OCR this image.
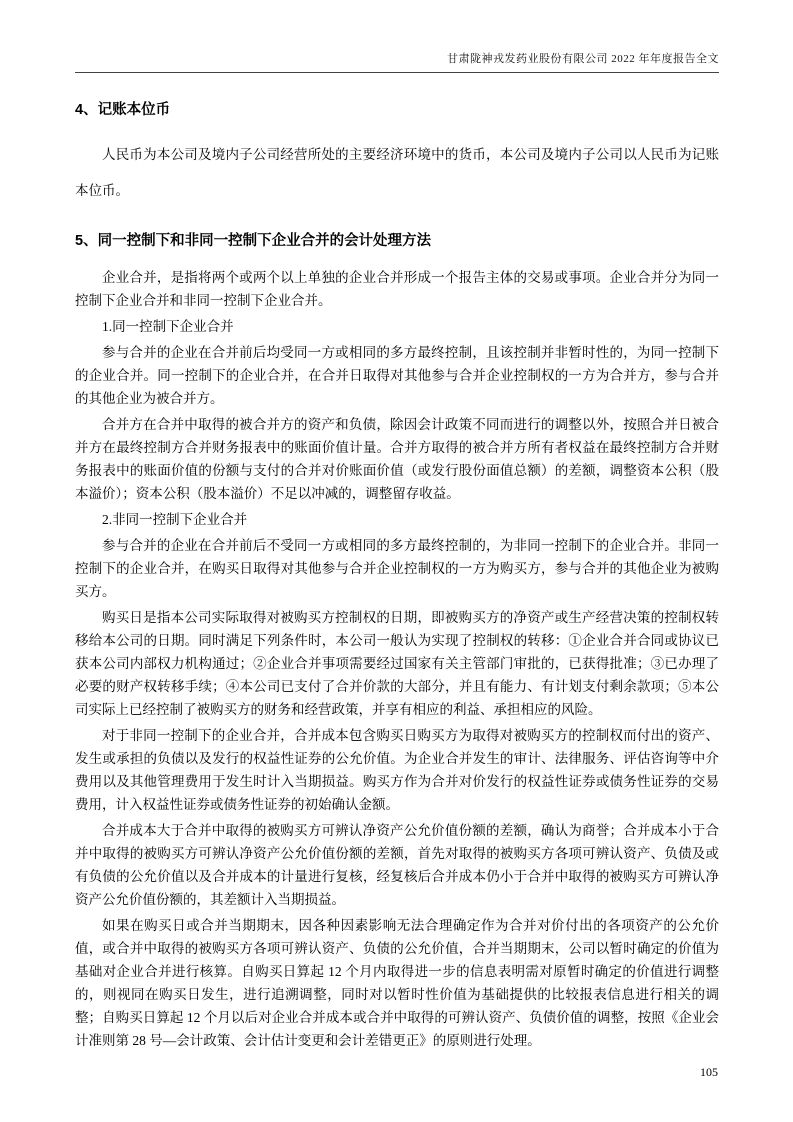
甘肃陇神戎发药业股份有限公司 2022 年年度报告全文
4、记账本位币

人民币为本公司及境内子公司经营所处的主要经济环境中的货币，本公司及境内子公司以人民币为记账本位币。

5、同一控制下和非同一控制下企业合并的会计处理方法

企业合并，是指将两个或两个以上单独的企业合并形成一个报告主体的交易或事项。企业合并分为同一控制下企业合并和非同一控制下企业合并。

1.同一控制下企业合并

参与合并的企业在合并前后均受同一方或相同的多方最终控制，且该控制并非暂时性的，为同一控制下的企业合并。同一控制下的企业合并，在合并日取得对其他参与合并企业控制权的一方为合并方，参与合并的其他企业为被合并方。

合并方在合并中取得的被合并方的资产和负债，除因会计政策不同而进行的调整以外，按照合并日被合并方在最终控制方合并财务报表中的账面价值计量。合并方取得的被合并方所有者权益在最终控制方合并财务报表中的账面价值的份额与支付的合并对价账面价值（或发行股份面值总额）的差额，调整资本公积（股本溢价）；资本公积（股本溢价）不足以冲减的，调整留存收益。

2.非同一控制下企业合并

参与合并的企业在合并前后不受同一方或相同的多方最终控制的，为非同一控制下的企业合并。非同一控制下的企业合并，在购买日取得对其他参与合并企业控制权的一方为购买方，参与合并的其他企业为被购买方。

购买日是指本公司实际取得对被购买方控制权的日期，即被购买方的净资产或生产经营决策的控制权转移给本公司的日期。同时满足下列条件时，本公司一般认为实现了控制权的转移：①企业合并合同或协议已获本公司内部权力机构通过；②企业合并事项需要经过国家有关主管部门审批的，已获得批准；③已办理了必要的财产权转移手续；④本公司已支付了合并价款的大部分，并且有能力、有计划支付剩余款项；⑤本公司实际上已经控制了被购买方的财务和经营政策，并享有相应的利益、承担相应的风险。

对于非同一控制下的企业合并，合并成本包含购买日购买方为取得对被购买方的控制权而付出的资产、发生或承担的负债以及发行的权益性证券的公允价值。为企业合并发生的审计、法律服务、评估咨询等中介费用以及其他管理费用于发生时计入当期损益。购买方作为合并对价发行的权益性证券或债务性证券的交易费用，计入权益性证券或债务性证券的初始确认金额。

合并成本大于合并中取得的被购买方可辨认净资产公允价值份额的差额，确认为商誉；合并成本小于合并中取得的被购买方可辨认净资产公允价值份额的差额，首先对取得的被购买方各项可辨认资产、负债及或有负债的公允价值以及合并成本的计量进行复核，经复核后合并成本仍小于合并中取得的被购买方可辨认净资产公允价值份额的，其差额计入当期损益。

如果在购买日或合并当期期末，因各种因素影响无法合理确定作为合并对价付出的各项资产的公允价值，或合并中取得的被购买方各项可辨认资产、负债的公允价值，合并当期期末，公司以暂时确定的价值为基础对企业合并进行核算。自购买日算起 12 个月内取得进一步的信息表明需对原暂时确定的价值进行调整的，则视同在购买日发生，进行追溯调整，同时对以暂时性价值为基础提供的比较报表信息进行相关的调整；自购买日算起 12 个月以后对企业合并成本或合并中取得的可辨认资产、负债价值的调整，按照《企业会计准则第 28 号—会计政策、会计估计变更和会计差错更正》的原则进行处理。

105
